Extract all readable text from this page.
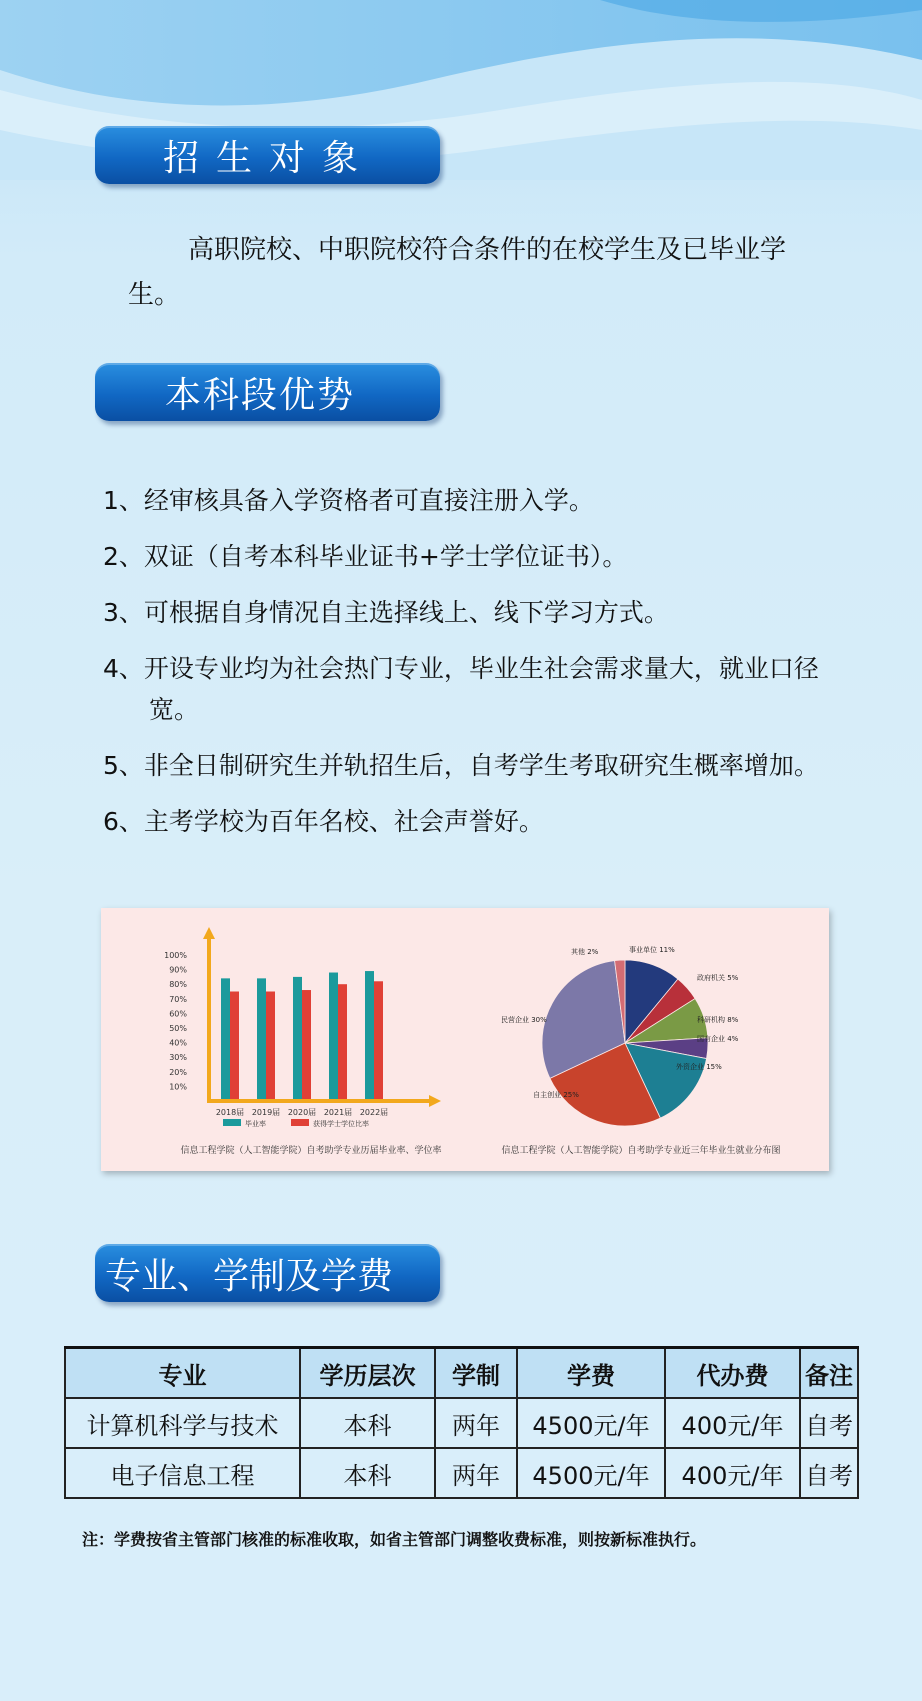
招生对象

高职院校、中职院校符合条件的在校学生及已毕业学生。

本科段优势
1、经审核具备入学资格者可直接注册入学。
2、双证（自考本科毕业证书+学士学位证书）。
3、可根据自身情况自主选择线上、线下学习方式。
4、开设专业均为社会热门专业，毕业生社会需求量大，就业口径宽。
5、非全日制研究生并轨招生后，自考学生考取研究生概率增加。
6、主考学校为百年名校、社会声誉好。
10%
20%
30%
40%
50%
60%
70%
80%
90%
100%
2018届 2019届 2020届 2021届 2022届
毕业率	获得学士学位比率
信息工程学院（人工智能学院）自考助学专业历届毕业率、学位率
事业单位 11%
政府机关 5%
科研机构 8%
国有企业 4%
外资企业 15%
自主创业 25%
民营企业 30%
其他 2%
信息工程学院（人工智能学院）自考助学专业近三年毕业生就业分布图
专业、学制及学费
专业	学历层次	学制	学费	代办费	备注
计算机科学与技术	本科	两年	4500元/年	400元/年	自考
电子信息工程	本科	两年	4500元/年	400元/年	自考

注：学费按省主管部门核准的标准收取，如省主管部门调整收费标准，则按新标准执行。
